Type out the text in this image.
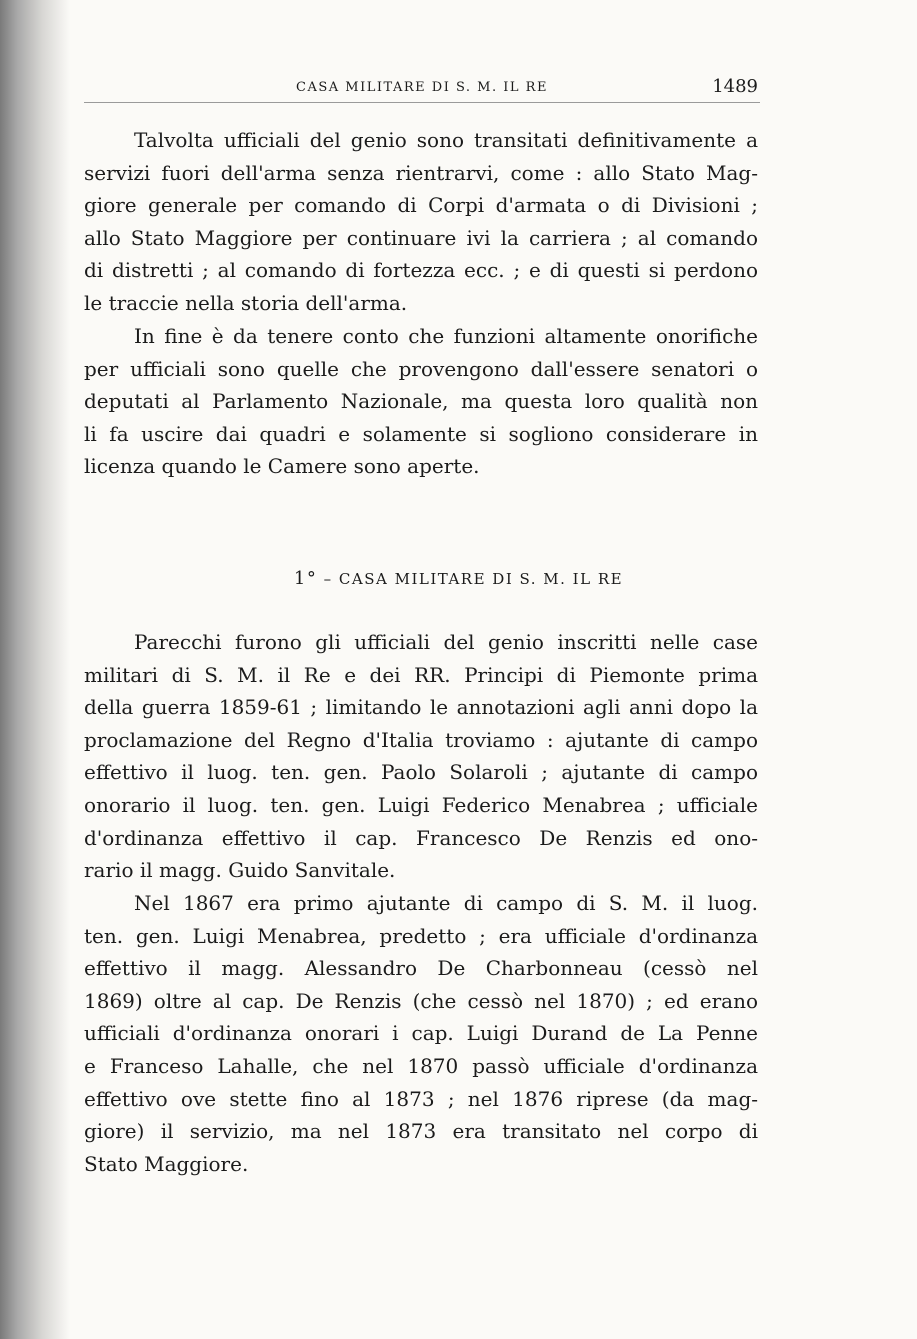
CASA MILITARE DI S. M. IL RE	1489
Talvolta ufficiali del genio sono transitati definitivamente a
servizi fuori dell'arma senza rientrarvi, come : allo Stato Mag-
giore generale per comando di Corpi d'armata o di Divisioni ;
allo Stato Maggiore per continuare ivi la carriera ; al comando
di distretti ; al comando di fortezza ecc. ; e di questi si perdono
le traccie nella storia dell'arma.
In fine è da tenere conto che funzioni altamente onorifiche
per ufficiali sono quelle che provengono dall'essere senatori o
deputati al Parlamento Nazionale, ma questa loro qualità non
li fa uscire dai quadri e solamente si sogliono considerare in
licenza quando le Camere sono aperte.
1° – CASA MILITARE DI S. M. IL RE
Parecchi furono gli ufficiali del genio inscritti nelle case
militari di S. M. il Re e dei RR. Principi di Piemonte prima
della guerra 1859-61 ; limitando le annotazioni agli anni dopo la
proclamazione del Regno d'Italia troviamo : ajutante di campo
effettivo il luog. ten. gen. Paolo Solaroli ; ajutante di campo
onorario il luog. ten. gen. Luigi Federico Menabrea ; ufficiale
d'ordinanza effettivo il cap. Francesco De Renzis ed ono-
rario il magg. Guido Sanvitale.
Nel 1867 era primo ajutante di campo di S. M. il luog.
ten. gen. Luigi Menabrea, predetto ; era ufficiale d'ordinanza
effettivo il magg. Alessandro De Charbonneau (cessò nel
1869) oltre al cap. De Renzis (che cessò nel 1870) ; ed erano
ufficiali d'ordinanza onorari i cap. Luigi Durand de La Penne
e Franceso Lahalle, che nel 1870 passò ufficiale d'ordinanza
effettivo ove stette fino al 1873 ; nel 1876 riprese (da mag-
giore) il servizio, ma nel 1873 era transitato nel corpo di
Stato Maggiore.
